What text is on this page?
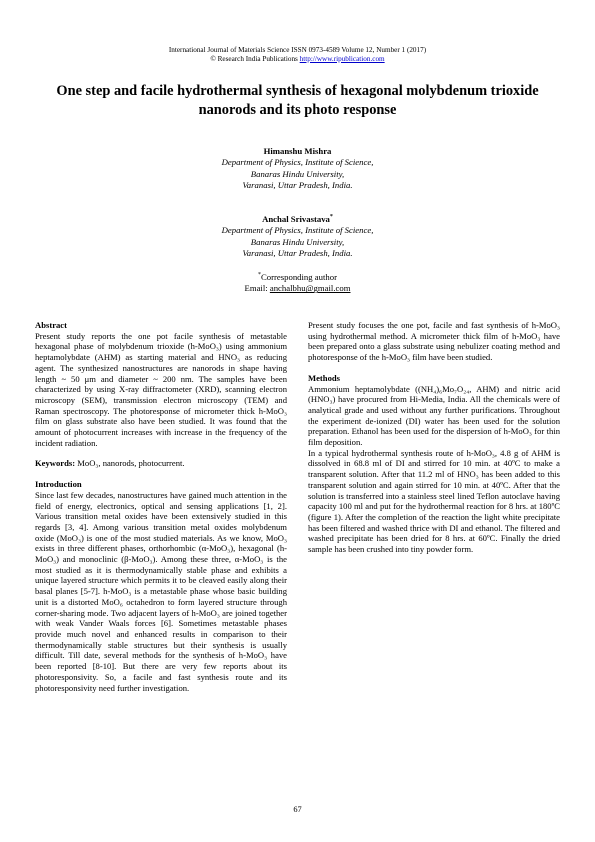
International Journal of Materials Science ISSN 0973-4589 Volume 12, Number 1 (2017)
© Research India Publications http://www.ripublication.com
One step and facile hydrothermal synthesis of hexagonal molybdenum trioxide nanorods and its photo response
Himanshu Mishra
Department of Physics, Institute of Science,
Banaras Hindu University,
Varanasi, Uttar Pradesh, India.
Anchal Srivastava*
Department of Physics, Institute of Science,
Banaras Hindu University,
Varanasi, Uttar Pradesh, India.
*Corresponding author
Email: anchalbhu@gmail.com

Abstract

Present study reports the one pot facile synthesis of metastable hexagonal phase of molybdenum trioxide (h-MoO₃) using ammonium heptamolybdate (AHM) as starting material and HNO₃ as reducing agent. The synthesized nanostructures are nanorods in shape having length ~ 50 μm and diameter ~ 200 nm. The samples have been characterized by using X-ray diffractometer (XRD), scanning electron microscopy (SEM), transmission electron microscopy (TEM) and Raman spectroscopy. The photoresponse of micrometer thick h-MoO₃ film on glass substrate also have been studied. It was found that the amount of photocurrent increases with increase in the frequency of the incident radiation.

Keywords: MoO₃, nanorods, photocurrent.

Introduction

Since last few decades, nanostructures have gained much attention in the field of energy, electronics, optical and sensing applications [1, 2]. Various transition metal oxides have been extensively studied in this regards [3, 4]. Among various transition metal oxides molybdenum oxide (MoO₃) is one of the most studied materials. As we know, MoO₃ exists in three different phases, orthorhombic (α-MoO₃), hexagonal (h-MoO₃) and monoclinic (β-MoO₃). Among these three, α-MoO₃ is the most studied as it is thermodynamically stable phase and exhibits a unique layered structure which permits it to be cleaved easily along their basal planes [5-7]. h-MoO₃ is a metastable phase whose basic building unit is a distorted MoO₆ octahedron to form layered structure through corner-sharing mode. Two adjacent layers of h-MoO₃ are joined together with weak Vander Waals forces [6]. Sometimes metastable phases provide much novel and enhanced results in comparison to their thermodynamically stable structures but their synthesis is usually difficult. Till date, several methods for the synthesis of h-MoO₃ have been reported [8-10]. But there are very few reports about its photoresponsivity. So, a facile and fast synthesis route and its photoresponsivity need further investigation.

Present study focuses the one pot, facile and fast synthesis of h-MoO₃ using hydrothermal method. A micrometer thick film of h-MoO₃ have been prepared onto a glass substrate using nebulizer coating method and photoresponse of the h-MoO₃ film have been studied.

Methods

Ammonium heptamolybdate ((NH₄)₆Mo₇O₂₄, AHM) and nitric acid (HNO₃) have procured from Hi-Media, India. All the chemicals were of analytical grade and used without any further purifications. Throughout the experiment de-ionized (DI) water has been used for the solution preparation. Ethanol has been used for the dispersion of h-MoO₃ for thin film deposition.

In a typical hydrothermal synthesis route of h-MoO₃, 4.8 g of AHM is dissolved in 68.8 ml of DI and stirred for 10 min. at 40ºC to make a transparent solution. After that 11.2 ml of HNO₃ has been added to this transparent solution and again stirred for 10 min. at 40ºC. After that the solution is transferred into a stainless steel lined Teflon autoclave having capacity 100 ml and put for the hydrothermal reaction for 8 hrs. at 180ºC (figure 1). After the completion of the reaction the light white precipitate has been filtered and washed thrice with DI and ethanol. The filtered and washed precipitate has been dried for 8 hrs. at 60ºC. Finally the dried sample has been crushed into tiny powder form.

67
